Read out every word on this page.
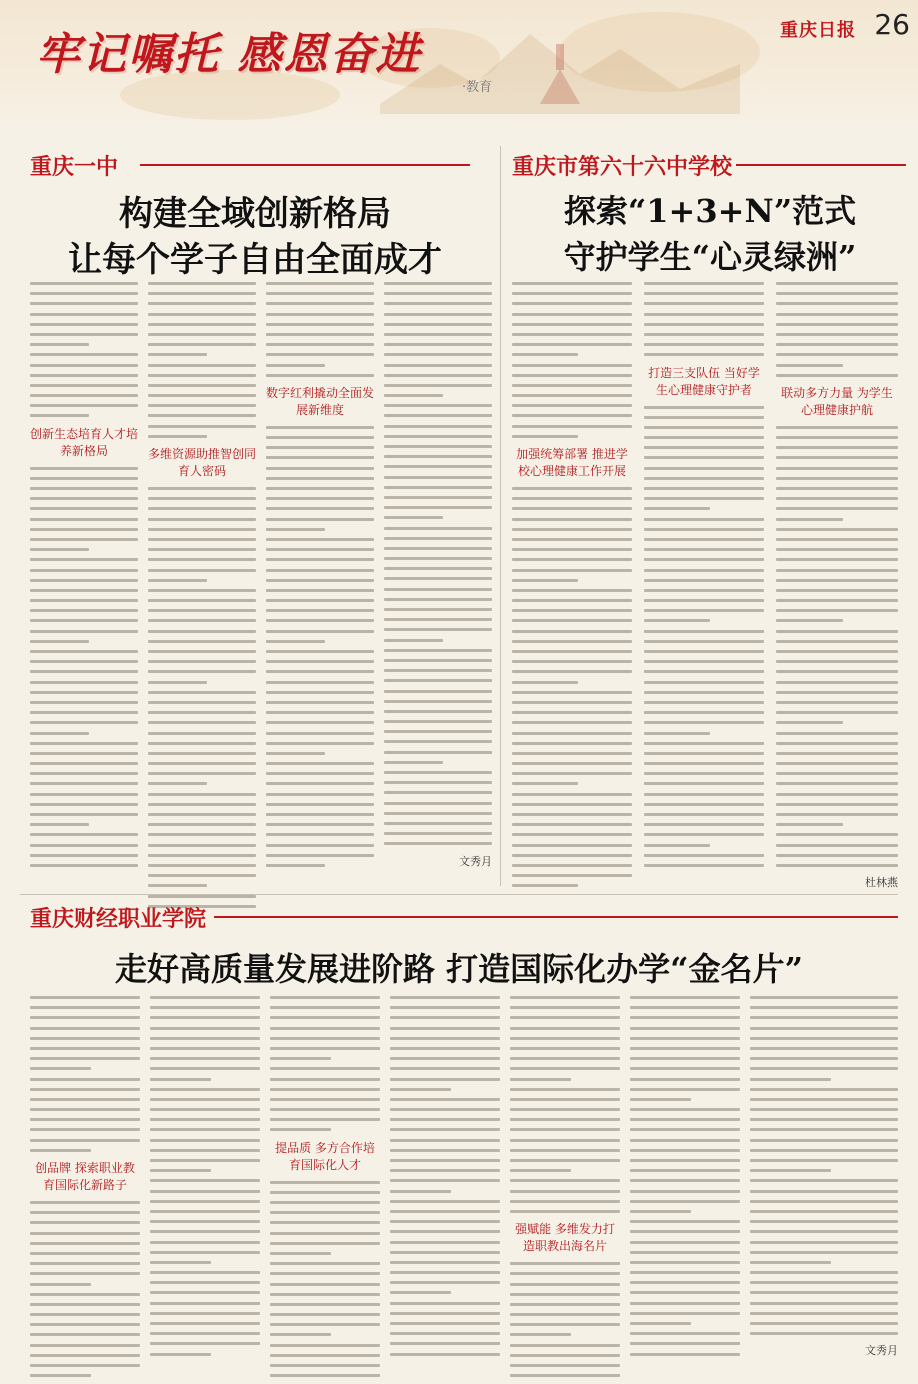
牢记嘱托 感恩奋进
·教育
重庆日报 26
重庆一中
构建全域创新格局
让每个学子自由全面成才
创新生态培育人才培养新格局	多维资源助推智创同育人密码
数字红利撬动全面发展新维度
文秀月
重庆市第六十六中学校
探索“1+3+N”范式
守护学生“心灵绿洲”
加强统筹部署 推进学校心理健康工作开展
打造三支队伍 当好学生心理健康守护者	联动多方力量 为学生心理健康护航
杜林燕
重庆财经职业学院
走好高质量发展进阶路 打造国际化办学“金名片”
创品牌 探索职业教育国际化新路子
提品质 多方合作培育国际化人才
强赋能 多维发力打造职教出海名片
文秀月
